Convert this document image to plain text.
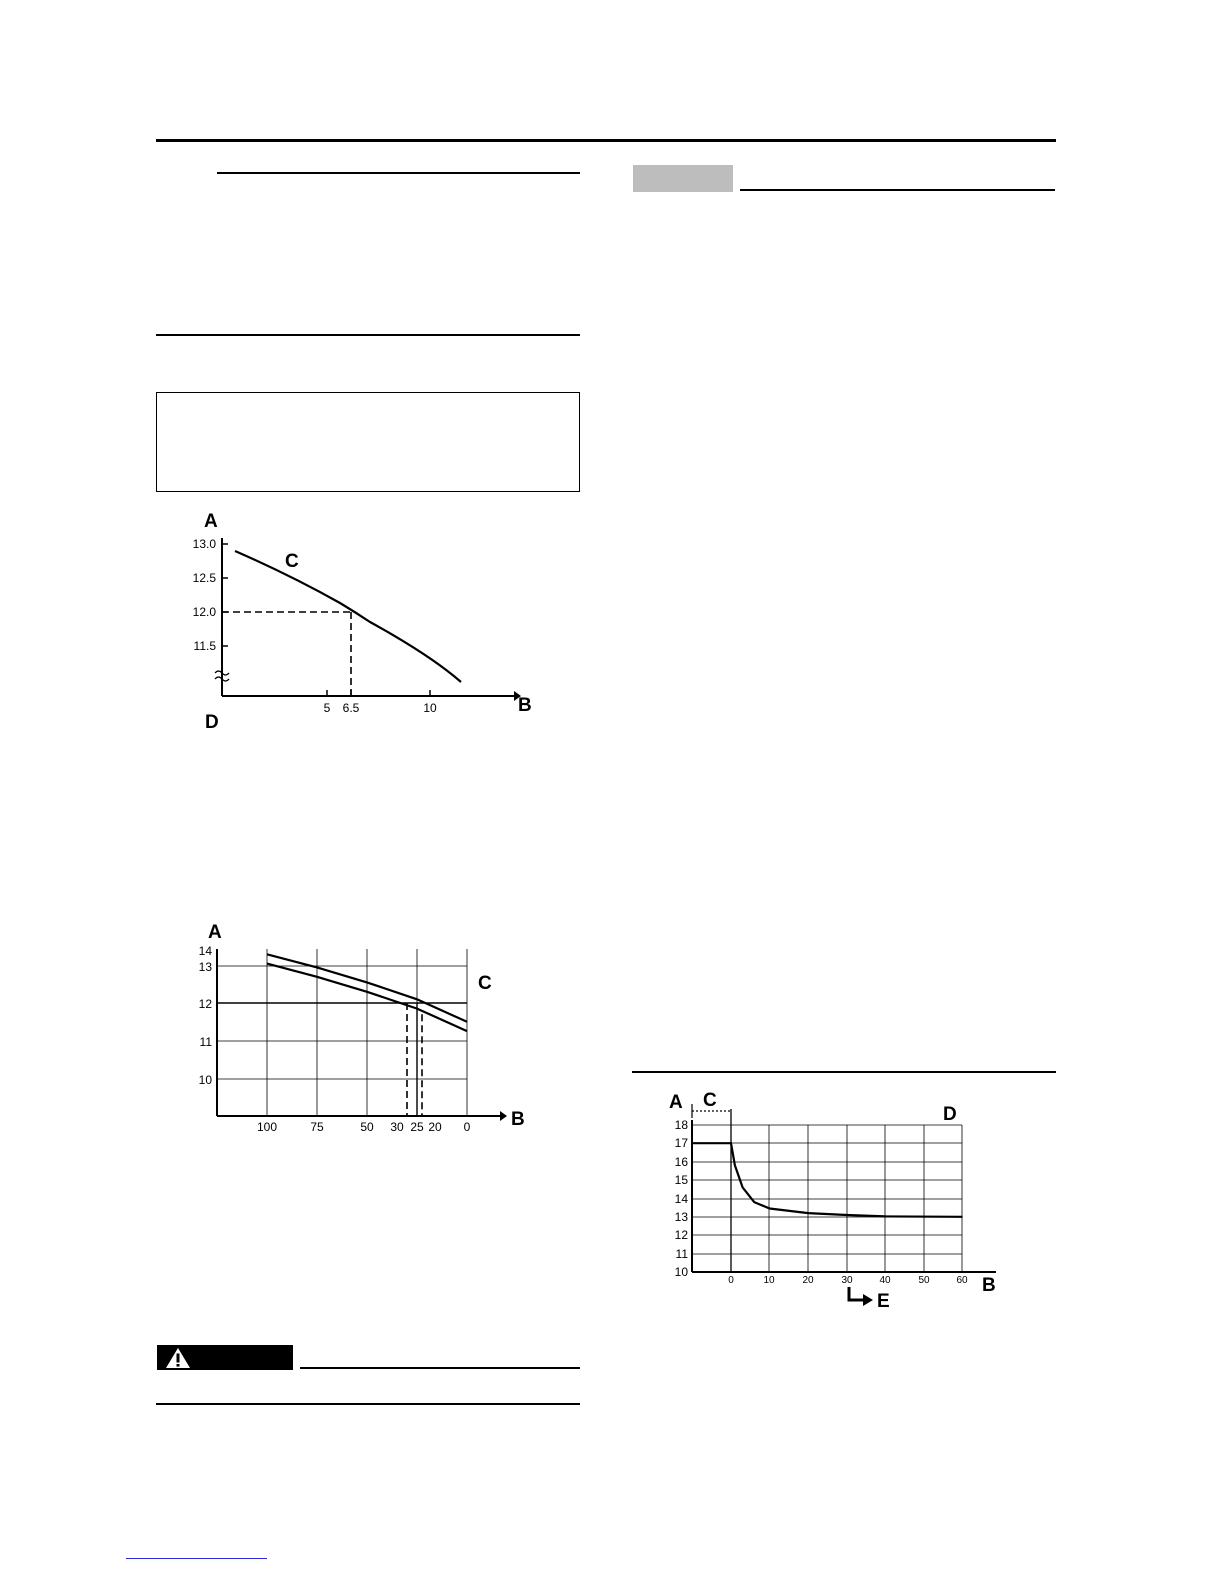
13.0
12.5
12.0
11.5
5 6.5	10
A
C
B
D
14
13
12
11
10
100	75	50 30 25 20 0
A
C
B	18
17
16
15
14
13
12
11
10
0	10	20	30	40	50	60
A C
D
B
E
